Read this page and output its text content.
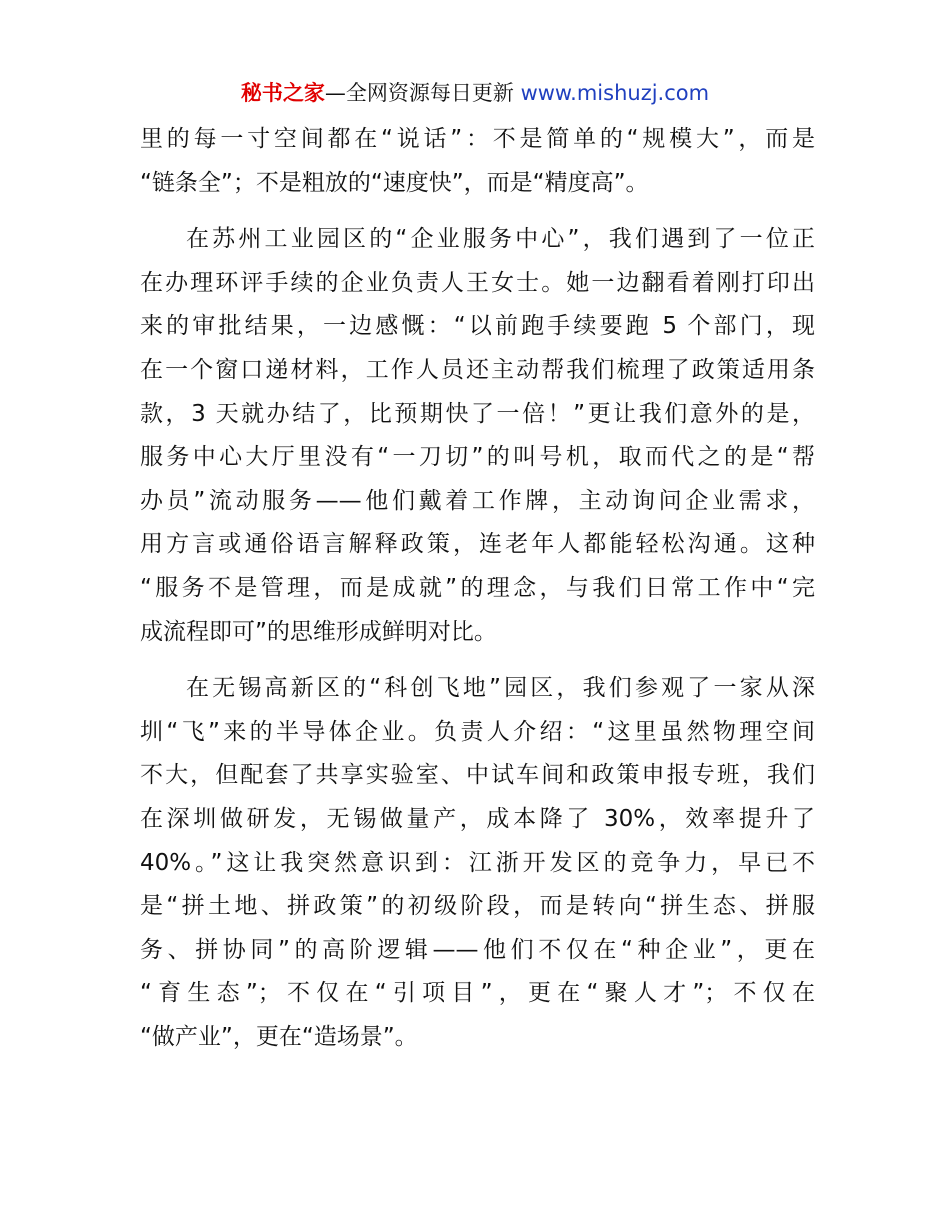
秘书之家—全网资源每日更新 www.mishuzj.com
里的每一寸空间都在“说话”：不是简单的“规模大”，而是
“链条全”；不是粗放的“速度快”，而是“精度高”。
在苏州工业园区的“企业服务中心”，我们遇到了一位正
在办理环评手续的企业负责人王女士。她一边翻看着刚打印出
来的审批结果，一边感慨：“以前跑手续要跑 5 个部门，现
在一个窗口递材料，工作人员还主动帮我们梳理了政策适用条
款，3 天就办结了，比预期快了一倍！”更让我们意外的是，
服务中心大厅里没有“一刀切”的叫号机，取而代之的是“帮
办员”流动服务——他们戴着工作牌，主动询问企业需求，
用方言或通俗语言解释政策，连老年人都能轻松沟通。这种
“服务不是管理，而是成就”的理念，与我们日常工作中“完
成流程即可”的思维形成鲜明对比。
在无锡高新区的“科创飞地”园区，我们参观了一家从深
圳“飞”来的半导体企业。负责人介绍：“这里虽然物理空间
不大，但配套了共享实验室、中试车间和政策申报专班，我们
在深圳做研发，无锡做量产，成本降了 30%，效率提升了
40%。”这让我突然意识到：江浙开发区的竞争力，早已不
是“拼土地、拼政策”的初级阶段，而是转向“拼生态、拼服
务、拼协同”的高阶逻辑——他们不仅在“种企业”，更在
“育生态”；不仅在“引项目”，更在“聚人才”；不仅在
“做产业”，更在“造场景”。
